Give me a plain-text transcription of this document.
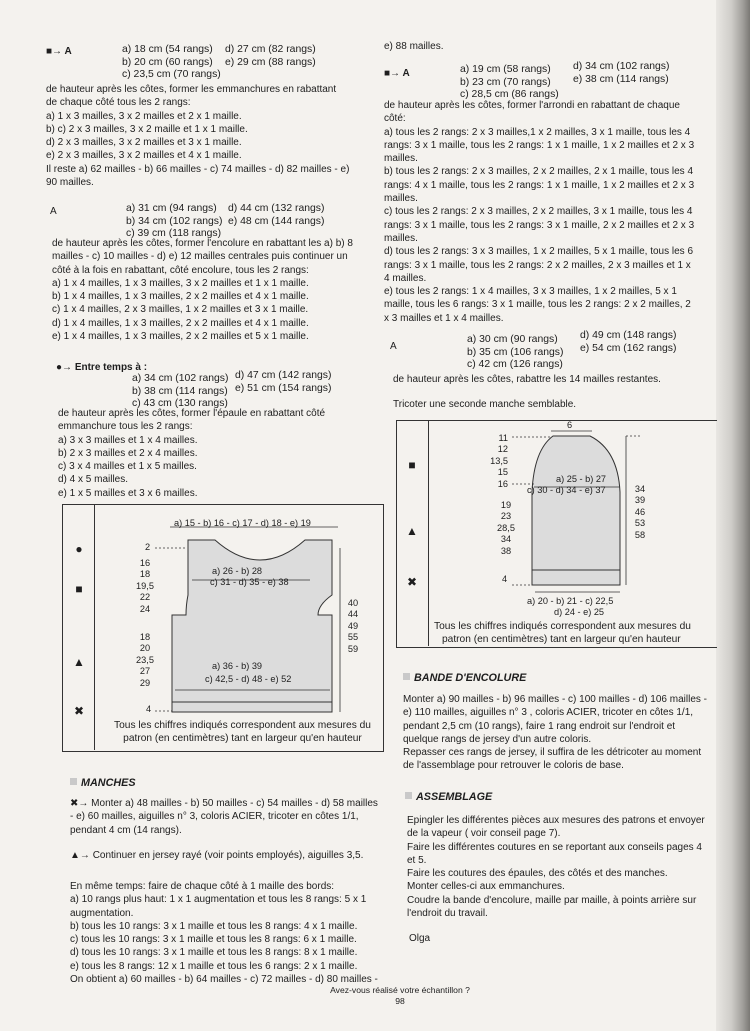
■→ A	a) 18 cm (54 rangs)
b) 20 cm (60 rangs)
c) 23,5 cm (70 rangs)
d) 27 cm (82 rangs)
e) 29 cm (88 rangs)
de hauteur après les côtes, former les emmanchures en rabattant
de chaque côté tous les 2 rangs:
a) 1 x 3 mailles, 3 x 2 mailles et 2 x 1 maille.
b) c) 2 x 3 mailles, 3 x 2 maille et 1 x 1 maille.
d) 2 x 3 mailles, 3 x 2 mailles et 3 x 1 maille.
e) 2 x 3 mailles, 3 x 2 mailles et 4 x 1 maille.
Il reste a) 62 mailles - b) 66 mailles - c) 74 mailles - d) 82 mailles - e)
90 mailles.
A	a) 31 cm (94 rangs)
b) 34 cm (102 rangs)
c) 39 cm (118 rangs)
d) 44 cm (132 rangs)
e) 48 cm (144 rangs)
de hauteur après les côtes, former l'encolure en rabattant les a) b) 8
mailles - c) 10 mailles - d) e) 12 mailles centrales puis continuer un
côté à la fois en rabattant, côté encolure, tous les 2 rangs:
a) 1 x 4 mailles, 1 x 3 mailles, 3 x 2 mailles et 1 x 1 maille.
b) 1 x 4 mailles, 1 x 3 mailles, 2 x 2 mailles et 4 x 1 maille.
c) 1 x 4 mailles, 2 x 3 mailles, 1 x 2 mailles et 3 x 1 maille.
d) 1 x 4 mailles, 1 x 3 mailles, 2 x 2 mailles et 4 x 1 maille.
e) 1 x 4 mailles, 1 x 3 mailles, 2 x 2 mailles et 5 x 1 maille.
●→ Entre temps à :
a) 34 cm (102 rangs)
b) 38 cm (114 rangs)
c) 43 cm (130 rangs)
d) 47 cm (142 rangs)
e) 51 cm (154 rangs)
de hauteur après les côtes, former l'épaule en rabattant côté
emmanchure tous les 2 rangs:
a) 3 x 3 mailles et 1 x 4 mailles.
b) 2 x 3 mailles et 2 x 4 mailles.
c) 3 x 4 mailles et 1 x 5 mailles.
d) 4 x 5 mailles.
e) 1 x 5 mailles et 3 x 6 mailles.
●
■
▲
✖
a) 15 - b) 16 - c) 17 - d) 18 - e) 19
2
a) 26 - b) 28
c) 31 - d) 35 - e) 38
16
18
19,5
22
24
18
20
23,5
27
29
40
44
49
55
59
a) 36 - b) 39
c) 42,5 - d) 48 - e) 52
4
Tous les chiffres indiqués correspondent aux mesures du
patron (en centimètres) tant en largeur qu'en hauteur
MANCHES
✖→ Monter a) 48 mailles - b) 50 mailles - c) 54 mailles - d) 58 mailles
- e) 60 mailles, aiguilles n° 3, coloris ACIER, tricoter en côtes 1/1,
pendant 4 cm (14 rangs).
▲→ Continuer en jersey rayé (voir points employés), aiguilles 3,5.
En même temps: faire de chaque côté à 1 maille des bords:
a) 10 rangs plus haut: 1 x 1 augmentation et tous les 8 rangs: 5 x 1
augmentation.
b) tous les 10 rangs: 3 x 1 maille et tous les 8 rangs: 4 x 1 maille.
c) tous les 10 rangs: 3 x 1 maille et tous les 8 rangs: 6 x 1 maille.
d) tous les 10 rangs: 3 x 1 maille et tous les 8 rangs: 8 x 1 maille.
e) tous les 8 rangs: 12 x 1 maille et tous les 6 rangs: 2 x 1 maille.
On obtient a) 60 mailles - b) 64 mailles - c) 72 mailles - d) 80 mailles -
e) 88 mailles.
■→ A	a) 19 cm (58 rangs)
b) 23 cm (70 rangs)
c) 28,5 cm (86 rangs)
d) 34 cm (102 rangs)
e) 38 cm (114 rangs)
de hauteur après les côtes, former l'arrondi en rabattant de chaque
côté:
a) tous les 2 rangs: 2 x 3 mailles,1 x 2 mailles, 3 x 1 maille, tous les 4
rangs: 3 x 1 maille, tous les 2 rangs: 1 x 1 maille, 1 x 2 mailles et 2 x 3
mailles.
b) tous les 2 rangs: 2 x 3 mailles, 2 x 2 mailles, 2 x 1 maille, tous les 4
rangs: 4 x 1 maille, tous les 2 rangs: 1 x 1 maille, 1 x 2 mailles et 2 x 3
mailles.
c) tous les 2 rangs: 2 x 3 mailles, 2 x 2 mailles, 3 x 1 maille, tous les 4
rangs: 3 x 1 maille, tous les 2 rangs: 3 x 1 maille, 2 x 2 mailles et 2 x 3
mailles.
d) tous les 2 rangs: 3 x 3 mailles, 1 x 2 mailles, 5 x 1 maille, tous les 6
rangs: 3 x 1 maille, tous les 2 rangs: 2 x 2 mailles, 2 x 3 mailles et 1 x
4 mailles.
e) tous les 2 rangs: 1 x 4 mailles, 3 x 3 mailles, 1 x 2 mailles, 5 x 1
maille, tous les 6 rangs: 3 x 1 maille, tous les 2 rangs: 2 x 2 mailles, 2
x 3 mailles et 1 x 4 mailles.
A
a) 30 cm (90 rangs)
b) 35 cm (106 rangs)
c) 42 cm (126 rangs)
d) 49 cm (148 rangs)
e) 54 cm (162 rangs)
de hauteur après les côtes, rabattre les 14 mailles restantes.
Tricoter une seconde manche semblable.
■
▲
✖
6
11
12
13,5
15
16	a) 25 - b) 27
c) 30 - d) 34 - e) 37
19
23
28,5
34
38
34
39
46
53
58
4
a) 20 - b) 21 - c) 22,5
d) 24 - e) 25
Tous les chiffres indiqués correspondent aux mesures du
patron (en centimètres) tant en largeur qu'en hauteur
BANDE D'ENCOLURE
Monter a) 90 mailles - b) 96 mailles - c) 100 mailles - d) 106 mailles -
e) 110 mailles, aiguilles n° 3 , coloris ACIER, tricoter en côtes 1/1,
pendant 2,5 cm (10 rangs), faire 1 rang endroit sur l'endroit et
quelque rangs de jersey d'un autre coloris.
Repasser ces rangs de jersey, il suffira de les détricoter au moment
de l'assemblage pour retrouver le coloris de base.
ASSEMBLAGE
Epingler les différentes pièces aux mesures des patrons et envoyer
de la vapeur ( voir conseil page 7).
Faire les différentes coutures en se reportant aux conseils pages 4
et 5.
Faire les coutures des épaules, des côtés et des manches.
Monter celles-ci aux emmanchures.
Coudre la bande d'encolure, maille par maille, à points arrière sur
l'endroit du travail.
Olga
Avez-vous réalisé votre échantillon ?
98
